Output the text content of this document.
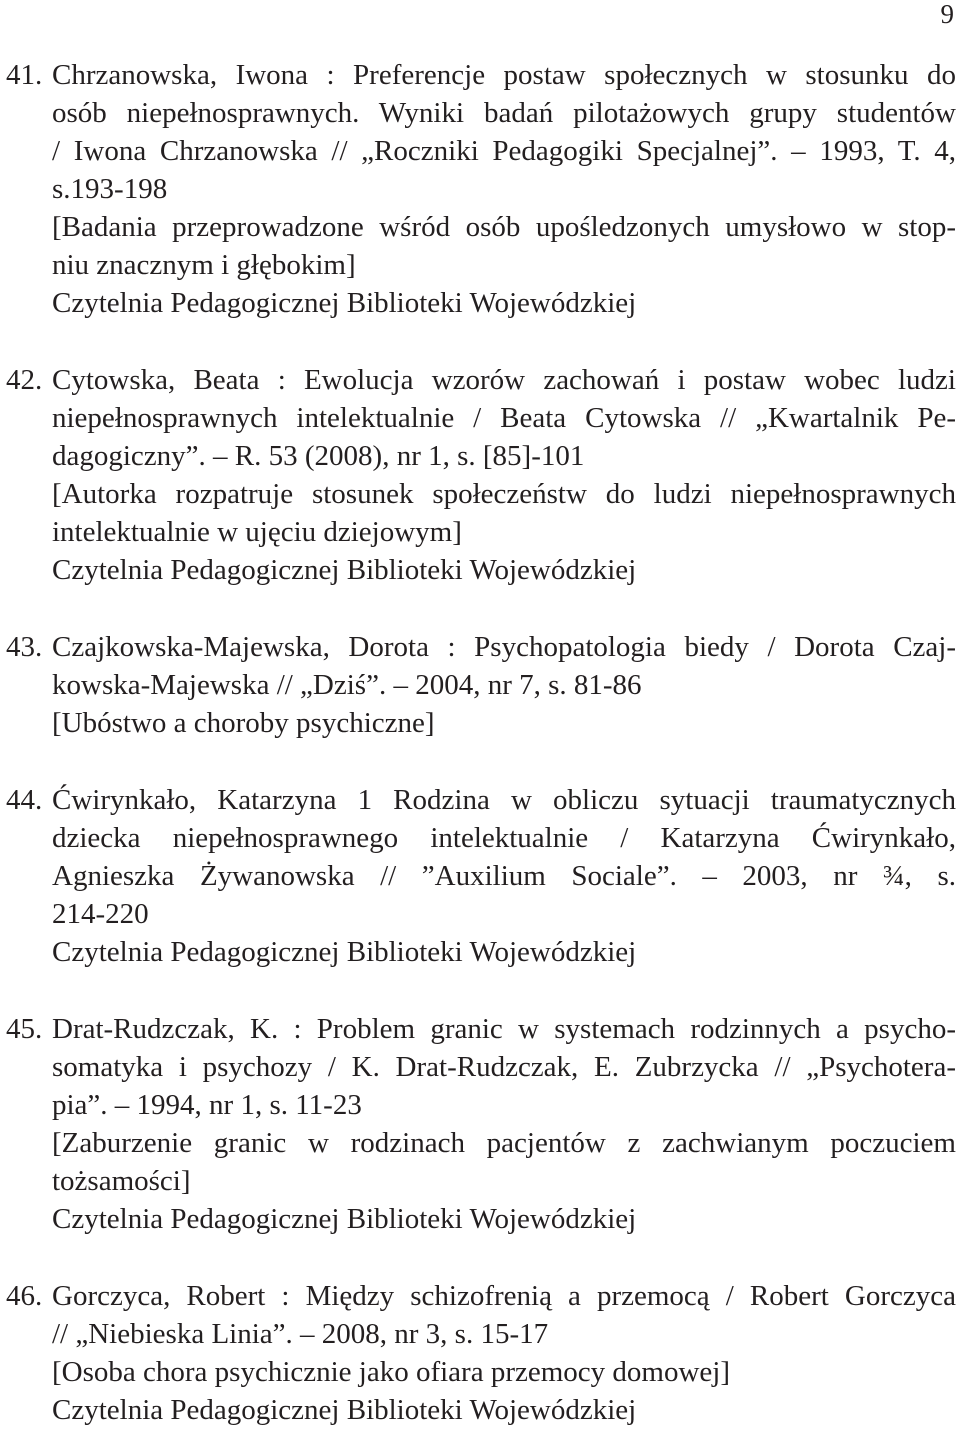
9
41. Chrzanowska, Iwona : Preferencje postaw społecznych w stosunku do
osób niepełnosprawnych. Wyniki badań pilotażowych grupy studentów
/ Iwona Chrzanowska // „Roczniki Pedagogiki Specjalnej”. – 1993, T. 4,
s.193-198
[Badania przeprowadzone wśród osób upośledzonych umysłowo w stop-
niu znacznym i głębokim]
Czytelnia Pedagogicznej Biblioteki Wojewódzkiej
42. Cytowska, Beata : Ewolucja wzorów zachowań i postaw wobec ludzi
niepełnosprawnych intelektualnie / Beata Cytowska // „Kwartalnik Pe-
dagogiczny”. – R. 53 (2008), nr 1, s. [85]-101
[Autorka rozpatruje stosunek społeczeństw do ludzi niepełnosprawnych
intelektualnie w ujęciu dziejowym]
Czytelnia Pedagogicznej Biblioteki Wojewódzkiej
43. Czajkowska-Majewska, Dorota : Psychopatologia biedy / Dorota Czaj-
kowska-Majewska // „Dziś”. – 2004, nr 7, s. 81-86
[Ubóstwo a choroby psychiczne]
44. Ćwirynkało, Katarzyna 1 Rodzina w obliczu sytuacji traumatycznych
dziecka niepełnosprawnego intelektualnie / Katarzyna Ćwirynkało,
Agnieszka Żywanowska // ”Auxilium Sociale”. – 2003, nr ¾, s.
214-220
Czytelnia Pedagogicznej Biblioteki Wojewódzkiej
45. Drat-Rudzczak, K. : Problem granic w systemach rodzinnych a psycho-
somatyka i psychozy / K. Drat-Rudzczak, E. Zubrzycka // „Psychotera-
pia”. – 1994, nr 1, s. 11-23
[Zaburzenie granic w rodzinach pacjentów z zachwianym poczuciem
tożsamości]
Czytelnia Pedagogicznej Biblioteki Wojewódzkiej
46. Gorczyca, Robert : Między schizofrenią a przemocą / Robert Gorczyca
// „Niebieska Linia”. – 2008, nr 3, s. 15-17
[Osoba chora psychicznie jako ofiara przemocy domowej]
Czytelnia Pedagogicznej Biblioteki Wojewódzkiej
